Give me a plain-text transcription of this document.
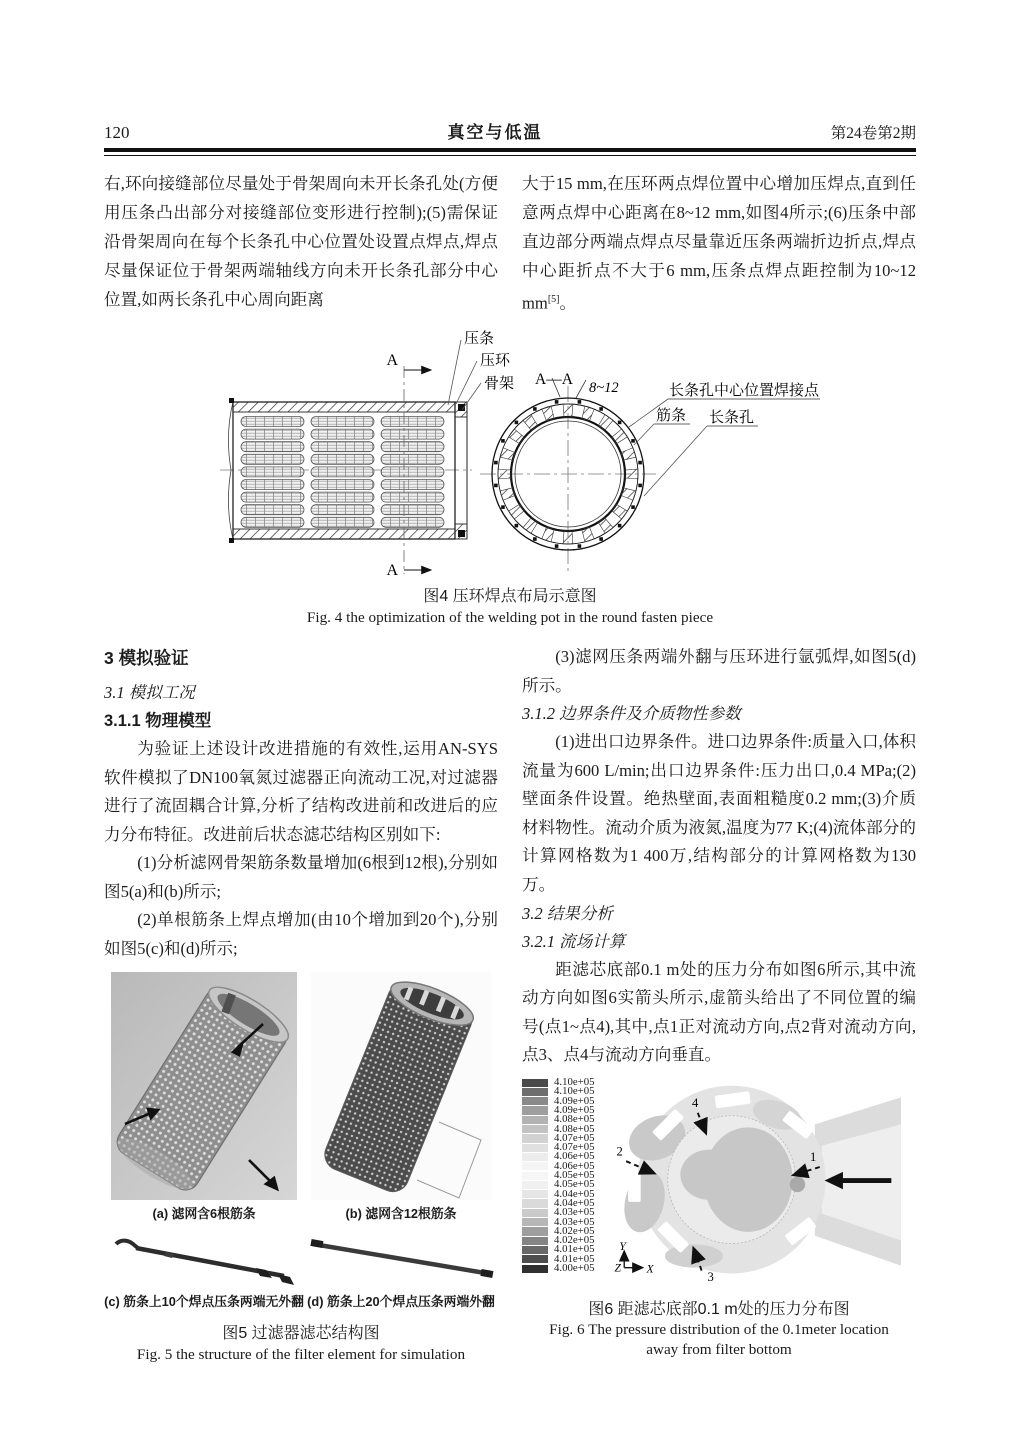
120	真空与低温	第24卷第2期

右,环向接缝部位尽量处于骨架周向未开长条孔处(方便用压条凸出部分对接缝部位变形进行控制);(5)需保证沿骨架周向在每个长条孔中心位置处设置点焊点,焊点尽量保证位于骨架两端轴线方向未开长条孔部分中心位置,如两长条孔中心周向距离

大于15 mm,在压环两点焊位置中心增加压焊点,直到任意两点焊中心距离在8~12 mm,如图4所示;(6)压条中部直边部分两端点焊点尽量靠近压条两端折边折点,焊点中心距折点不大于6 mm,压条点焊点距控制为10~12 mm[5]。

A
A
压条
压环
骨架 A—A 8~12	长条孔中心位置焊接点
筋条 长条孔
图4 压环焊点布局示意图
Fig. 4 the optimization of the welding pot in the round fasten piece
3 模拟验证
3.1 模拟工况
3.1.1 物理模型

为验证上述设计改进措施的有效性,运用AN-SYS软件模拟了DN100氧氮过滤器正向流动工况,对过滤器进行了流固耦合计算,分析了结构改进前和改进后的应力分布特征。改进前后状态滤芯结构区别如下:

(1)分析滤网骨架筋条数量增加(6根到12根),分别如图5(a)和(b)所示;

(2)单根筋条上焊点增加(由10个增加到20个),分别如图5(c)和(d)所示;

(a) 滤网含6根筋条	(b) 滤网含12根筋条
(c) 筋条上10个焊点压条两端无外翻 (d) 筋条上20个焊点压条两端外翻
图5 过滤器滤芯结构图
Fig. 5 the structure of the filter element for simulation

(3)滤网压条两端外翻与压环进行氩弧焊,如图5(d)所示。

3.1.2 边界条件及介质物性参数

(1)进出口边界条件。进口边界条件:质量入口,体积流量为600 L/min;出口边界条件:压力出口,0.4 MPa;(2)壁面条件设置。绝热壁面,表面粗糙度0.2 mm;(3)介质材料物性。流动介质为液氮,温度为77 K;(4)流体部分的计算网格数为1 400万,结构部分的计算网格数为130万。

3.2 结果分析
3.2.1 流场计算

距滤芯底部0.1 m处的压力分布如图6所示,其中流动方向如图6实箭头所示,虚箭头给出了不同位置的编号(点1~点4),其中,点1正对流动方向,点2背对流动方向,点3、点4与流动方向垂直。

4.10e+05
4.10e+05
4.09e+05
4.09e+05
4.08e+05
4.08e+05
4.07e+05
4.07e+05
4.06e+05
4.06e+05
4.05e+05
4.05e+05
4.04e+05
4.04e+05
4.03e+05
4.03e+05
4.02e+05
4.02e+05
4.01e+05
4.01e+05
4.00e+05
1
2
3
4
Y
Z X
图6 距滤芯底部0.1 m处的压力分布图
Fig. 6 The pressure distribution of the 0.1meter location
away from filter bottom
